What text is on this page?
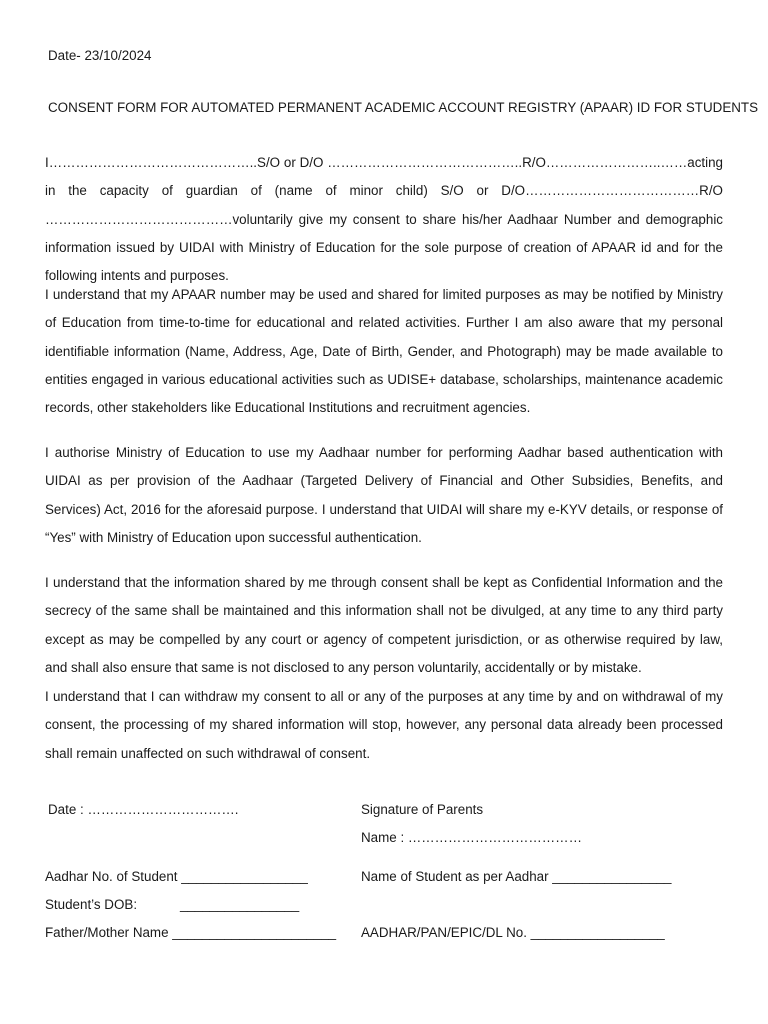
Date- 23/10/2024
CONSENT FORM FOR AUTOMATED PERMANENT ACADEMIC ACCOUNT REGISTRY (APAAR) ID FOR STUDENTS
I………………………………………..S/O or D/O ……………………………………..R/O……………………..……acting in the capacity of guardian of (name of minor child) S/O or D/O…………………………………R/O ……………………………………voluntarily give my consent to share his/her Aadhaar Number and demographic information issued by UIDAI with Ministry of Education for the sole purpose of creation of APAAR id and for the following intents and purposes.
I understand that my APAAR number may be used and shared for limited purposes as may be notified by Ministry of Education from time-to-time for educational and related activities. Further I am also aware that my personal identifiable information (Name, Address, Age, Date of Birth, Gender, and Photograph) may be made available to entities engaged in various educational activities such as UDISE+ database, scholarships, maintenance academic records, other stakeholders like Educational Institutions and recruitment agencies.
I authorise Ministry of Education to use my Aadhaar number for performing Aadhar based authentication with UIDAI as per provision of the Aadhaar (Targeted Delivery of Financial and Other Subsidies, Benefits, and Services) Act, 2016 for the aforesaid purpose. I understand that UIDAI will share my e-KYV details, or response of “Yes” with Ministry of Education upon successful authentication.
I understand that the information shared by me through consent shall be kept as Confidential Information and the secrecy of the same shall be maintained and this information shall not be divulged, at any time to any third party except as may be compelled by any court or agency of competent jurisdiction, or as otherwise required by law, and shall also ensure that same is not disclosed to any person voluntarily, accidentally or by mistake.
I understand that I can withdraw my consent to all or any of the purposes at any time by and on withdrawal of my consent, the processing of my shared information will stop, however, any personal data already been processed shall remain unaffected on such withdrawal of consent.
Date : …………………………….	Signature of Parents
Name : …………………………………
Aadhar No. of Student _________________	Name of Student as per Aadhar ________________
Student’s DOB:	________________
Father/Mother Name ______________________ AADHAR/PAN/EPIC/DL No. __________________
